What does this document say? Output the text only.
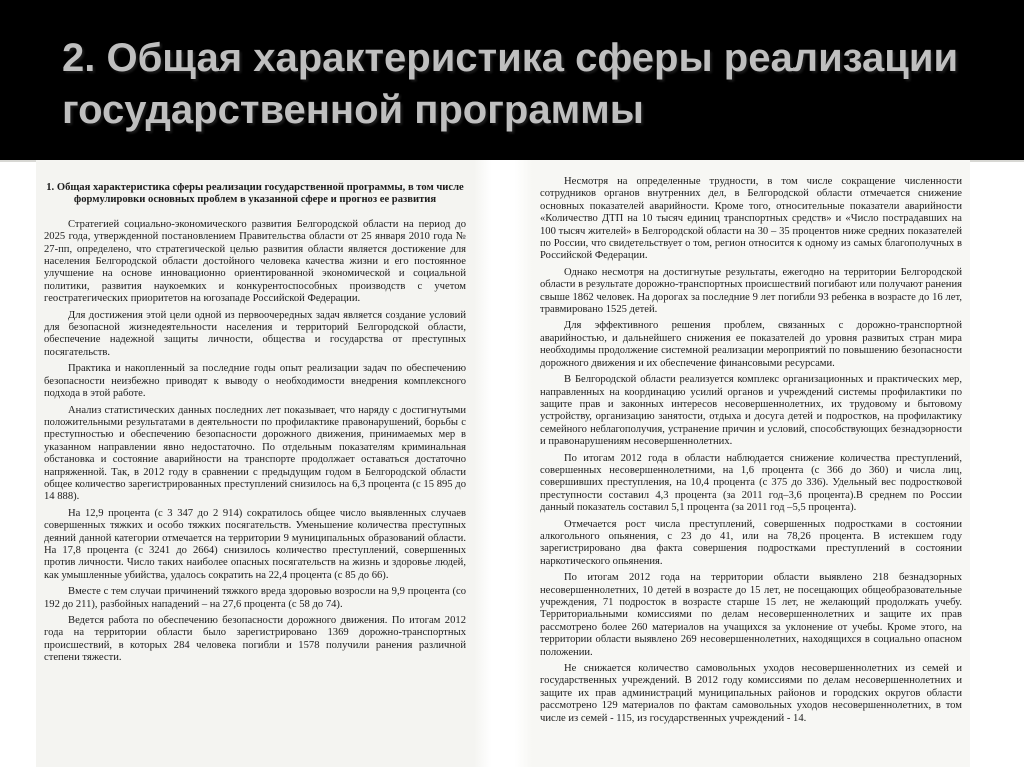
2. Общая характеристика сферы реализации государственной программы

1. Общая характеристика сферы реализации государственной программы, в том числе формулировки основных проблем в указанной сфере и прогноз ее развития

Стратегией социально-экономического развития Белгородской области на период до 2025 года, утвержденной постановлением Правительства области от 25 января 2010 года № 27-пп, определено, что стратегической целью развития области является достижение для населения Белгородской области достойного человека качества жизни и его постоянное улучшение на основе инновационно ориентированной экономической и социальной политики, развития наукоемких и конкурентоспособных производств с учетом геостратегических приоритетов на югозападе Российской Федерации.

Для достижения этой цели одной из первоочередных задач является создание условий для безопасной жизнедеятельности населения и территорий Белгородской области, обеспечение надежной защиты личности, общества и государства от преступных посягательств.

Практика и накопленный за последние годы опыт реализации задач по обеспечению безопасности неизбежно приводят к выводу о необходимости внедрения комплексного подхода в этой работе.

Анализ статистических данных последних лет показывает, что наряду с достигнутыми положительными результатами в деятельности по профилактике правонарушений, борьбы с преступностью и обеспечению безопасности дорожного движения, принимаемых мер в указанном направлении явно недостаточно. По отдельным показателям криминальная обстановка и состояние аварийности на транспорте продолжает оставаться достаточно напряженной. Так, в 2012 году в сравнении с предыдущим годом в Белгородской области общее количество зарегистрированных преступлений снизилось на 6,3 процента (с 15 895 до 14 888).

На 12,9 процента (с 3 347 до 2 914) сократилось общее число выявленных случаев совершенных тяжких и особо тяжких посягательств. Уменьшение количества преступных деяний данной категории отмечается на территории 9 муниципальных образований области. На 17,8 процента (с 3241 до 2664) снизилось количество преступлений, совершенных против личности. Число таких наиболее опасных посягательств на жизнь и здоровье людей, как умышленные убийства, удалось сократить на 22,4 процента (с 85 до 66).

Вместе с тем случаи причинений тяжкого вреда здоровью возросли на 9,9 процента (со 192 до 211), разбойных нападений – на 27,6 процента (с 58 до 74).

Ведется работа по обеспечению безопасности дорожного движения. По итогам 2012 года на территории области было зарегистрировано 1369 дорожно-транспортных происшествий, в которых 284 человека погибли и 1578 получили ранения различной степени тяжести.

Несмотря на определенные трудности, в том числе сокращение численности сотрудников органов внутренних дел, в Белгородской области отмечается снижение основных показателей аварийности. Кроме того, относительные показатели аварийности «Количество ДТП на 10 тысяч единиц транспортных средств» и «Число пострадавших на 100 тысяч жителей» в Белгородской области на 30 – 35 процентов ниже средних показателей по России, что свидетельствует о том, регион относится к одному из самых благополучных в Российской Федерации.

Однако несмотря на достигнутые результаты, ежегодно на территории Белгородской области в результате дорожно-транспортных происшествий погибают или получают ранения свыше 1862 человек. На дорогах за последние 9 лет погибли 93 ребенка в возрасте до 16 лет, травмировано 1525 детей.

Для эффективного решения проблем, связанных с дорожно-транспортной аварийностью, и дальнейшего снижения ее показателей до уровня развитых стран мира необходимы продолжение системной реализации мероприятий по повышению безопасности дорожного движения и их обеспечение финансовыми ресурсами.

В Белгородской области реализуется комплекс организационных и практических мер, направленных на координацию усилий органов и учреждений системы профилактики по защите прав и законных интересов несовершеннолетних, их трудовому и бытовому устройству, организацию занятости, отдыха и досуга детей и подростков, на профилактику семейного неблагополучия, устранение причин и условий, способствующих безнадзорности и правонарушениям несовершеннолетних.

По итогам 2012 года в области наблюдается снижение количества преступлений, совершенных несовершеннолетними, на 1,6 процента (с 366 до 360) и числа лиц, совершивших преступления, на 10,4 процента (с 375 до 336). Удельный вес подростковой преступности составил 4,3 процента (за 2011 год–3,6 процента).В среднем по России данный показатель составил 5,1 процента (за 2011 год –5,5 процента).

Отмечается рост числа преступлений, совершенных подростками в состоянии алкогольного опьянения, с 23 до 41, или на 78,26 процента. В истекшем году зарегистрировано два факта совершения подростками преступлений в состоянии наркотического опьянения.

По итогам 2012 года на территории области выявлено 218 безнадзорных несовершеннолетних, 10 детей в возрасте до 15 лет, не посещающих общеобразовательные учреждения, 71 подросток в возрасте старше 15 лет, не желающий продолжать учебу. Территориальными комиссиями по делам несовершеннолетних и защите их прав рассмотрено более 260 материалов на учащихся за уклонение от учебы. Кроме этого, на территории области выявлено 269 несовершеннолетних, находящихся в социально опасном положении.

Не снижается количество самовольных уходов несовершеннолетних из семей и государственных учреждений. В 2012 году комиссиями по делам несовершеннолетних и защите их прав администраций муниципальных районов и городских округов области рассмотрено 129 материалов по фактам самовольных уходов несовершеннолетних, в том числе из семей - 115, из государственных учреждений - 14.
